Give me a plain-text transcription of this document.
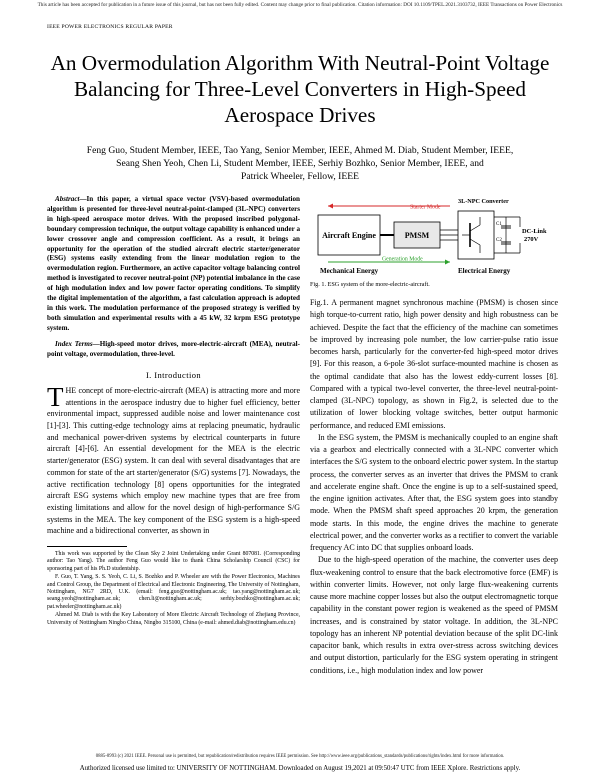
This article has been accepted for publication in a future issue of this journal, but has not been fully edited. Content may change prior to final publication. Citation information: DOI 10.1109/TPEL.2021.3103732, IEEE Transactions on Power Electronics
IEEE POWER ELECTRONICS REGULAR PAPER
An Overmodulation Algorithm With Neutral-Point Voltage Balancing for Three-Level Converters in High-Speed Aerospace Drives
Feng Guo, Student Member, IEEE, Tao Yang, Senior Member, IEEE, Ahmed M. Diab, Student Member, IEEE,
Seang Shen Yeoh, Chen Li, Student Member, IEEE, Serhiy Bozhko, Senior Member, IEEE, and
Patrick Wheeler, Fellow, IEEE

Abstract—In this paper, a virtual space vector (VSV)-based overmodulation algorithm is presented for three-level neutral-point-clamped (3L-NPC) converters in high-speed aerospace motor drives. With the proposed inscribed polygonal-boundary compression technique, the output voltage capability is enhanced under a lower crossover angle and compression coefficient. As a result, it brings an opportunity for the operation of the studied aircraft electric starter/generator (ESG) systems easily extending from the linear modulation region to the overmodulation region. Furthermore, an active capacitor voltage balancing control method is investigated to recover neutral-point (NP) potential imbalance in the case of high modulation index and low power factor operating conditions. To simplify the digital implementation of the algorithm, a fast calculation approach is adopted in this work. The modulation performance of the proposed strategy is verified by both simulation and experimental results with a 45 kW, 32 krpm ESG prototype system.

Index Terms—High-speed motor drives, more-electric-aircraft (MEA), neutral-point voltage, overmodulation, three-level.

I. Introduction

THE concept of more-electric-aircraft (MEA) is attracting more and more attentions in the aerospace industry due to higher fuel efficiency, better environmental impact, suppressed audible noise and lower maintenance cost [1]-[3]. This cutting-edge technology aims at replacing pneumatic, hydraulic and mechanical power-driven systems by electrical counterparts in future aircraft [4]-[6]. An essential development for the MEA is the electric starter/generator (ESG) system. It can deal with several disadvantages that are common for state of the art starter/generator (S/G) systems [7]. Nowadays, the active rectification technology [8] opens opportunities for the integrated aircraft ESG systems which employ new machine types that are free from existing limitations and allow for the novel design of high-performance S/G systems in the MEA. The key component of the ESG system is a high-speed machine and a bidirectional converter, as shown in

This work was supported by the Clean Sky 2 Joint Undertaking under Grant 807081. (Corresponding author: Tao Yang). The author Feng Guo would like to thank China Scholarship Council (CSC) for sponsoring part of his Ph.D studentship.

F. Guo, T. Yang, S. S. Yeoh, C. Li, S. Bozhko and P. Wheeler are with the Power Electronics, Machines and Control Group, the Department of Electrical and Electronic Engineering, The University of Nottingham, Nottingham, NG7 2RD, U.K. (email: feng.guo@nottingham.ac.uk; tao.yang@nottingham.ac.uk; seang.yeoh@nottingham.ac.uk; chen.li@nottingham.ac.uk; serhiy.bozhko@nottingham.ac.uk; pat.wheeler@nottingham.ac.uk)

Ahmed M. Diab is with the Key Laboratory of More Electric Aircraft Technology of Zhejiang Province, University of Nottingham Ningbo China, Ningbo 315100, China (e-mail: ahmed.diab@nottingham.edu.cn)

Starter Mode
Generation Mode
Aircraft Engine	PMSM
3L-NPC Converter
C1
C2
DC-Link
270V
Mechanical Energy	Electrical Energy

Fig. 1. ESG system of the more-electric-aircraft.

Fig.1. A permanent magnet synchronous machine (PMSM) is chosen since high torque-to-current ratio, high power density and high robustness can be achieved. Despite the fact that the efficiency of the machine can sometimes be improved by increasing pole number, the low carrier-pulse ratio issue becomes harsh, particularly for the converter-fed high-speed motor drives [9]. For this reason, a 6-pole 36-slot surface-mounted machine is chosen as the optimal candidate that also has the lowest eddy-current losses [8]. Compared with a typical two-level converter, the three-level neutral-point-clamped (3L-NPC) topology, as shown in Fig.2, is selected due to the utilization of lower blocking voltage switches, better output harmonic performance, and reduced EMI emissions.

In the ESG system, the PMSM is mechanically coupled to an engine shaft via a gearbox and electrically connected with a 3L-NPC converter which interfaces the S/G system to the onboard electric power system. In the startup process, the converter serves as an inverter that drives the PMSM to crank and accelerate engine shaft. Once the engine is up to a self-sustained speed, the engine ignition activates. After that, the ESG system goes into standby mode. When the PMSM shaft speed approaches 20 krpm, the generation mode starts. In this mode, the engine drives the machine to generate electrical power, and the converter works as a rectifier to convert the variable frequency AC into DC that supplies onboard loads.

Due to the high-speed operation of the machine, the converter uses deep flux-weakening control to ensure that the back electromotive force (EMF) is within converter limits. However, not only large flux-weakening currents cause more machine copper losses but also the output electromagnetic torque capability in the constant power region is weakened as the speed of PMSM increases, and is constrained by stator voltage. In addition, the 3L-NPC topology has an inherent NP potential deviation because of the split DC-link capacitor bank, which results in extra over-stress across switching devices and output distortion, particularly for the ESG system operating in stringent conditions, i.e., high modulation index and low power

0885-8993 (c) 2021 IEEE. Personal use is permitted, but republication/redistribution requires IEEE permission. See http://www.ieee.org/publications_standards/publications/rights/index.html for more information.
Authorized licensed use limited to: UNIVERSITY OF NOTTINGHAM. Downloaded on August 19,2021 at 09:50:47 UTC from IEEE Xplore. Restrictions apply.
